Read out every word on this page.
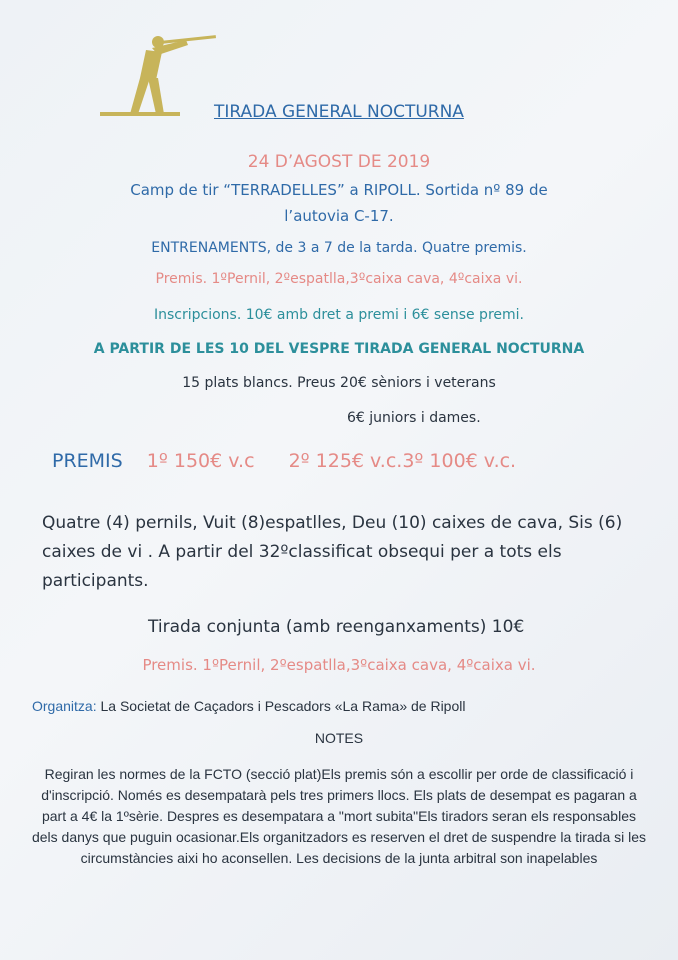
TIRADA GENERAL NOCTURNA
24 D’AGOST DE 2019
Camp de tir “TERRADELLES” a RIPOLL. Sortida nº 89 de
l’autovia C-17.
ENTRENAMENTS, de 3 a 7 de la tarda. Quatre premis.
Premis. 1ºPernil, 2ºespatlla,3ºcaixa cava, 4ºcaixa vi.
Inscripcions. 10€ amb dret a premi i 6€ sense premi.
A PARTIR DE LES 10 DEL VESPRE TIRADA GENERAL NOCTURNA
15 plats blancs. Preus 20€ sèniors i veterans
6€ juniors i dames.
PREMIS 1º 150€ v.c 2º 125€ v.c.3º 100€ v.c.
Quatre (4) pernils, Vuit (8)espatlles, Deu (10) caixes de cava, Sis (6) caixes de vi . A partir del 32ºclassificat obsequi per a tots els participants.
Tirada conjunta (amb reenganxaments) 10€
Premis. 1ºPernil, 2ºespatlla,3ºcaixa cava, 4ºcaixa vi.
Organitza: La Societat de Caçadors i Pescadors «La Rama» de Ripoll
NOTES
Regiran les normes de la FCTO (secció plat)Els premis són a escollir per orde de classificació i d'inscripció. Només es desempatarà pels tres primers llocs. Els plats de desempat es pagaran a part a 4€ la 1ºsèrie. Despres es desempatara a "mort subita"Els tiradors seran els responsables dels danys que puguin ocasionar.Els organitzadors es reserven el dret de suspendre la tirada si les circumstàncies aixi ho aconsellen. Les decisions de la junta arbitral son inapelables
